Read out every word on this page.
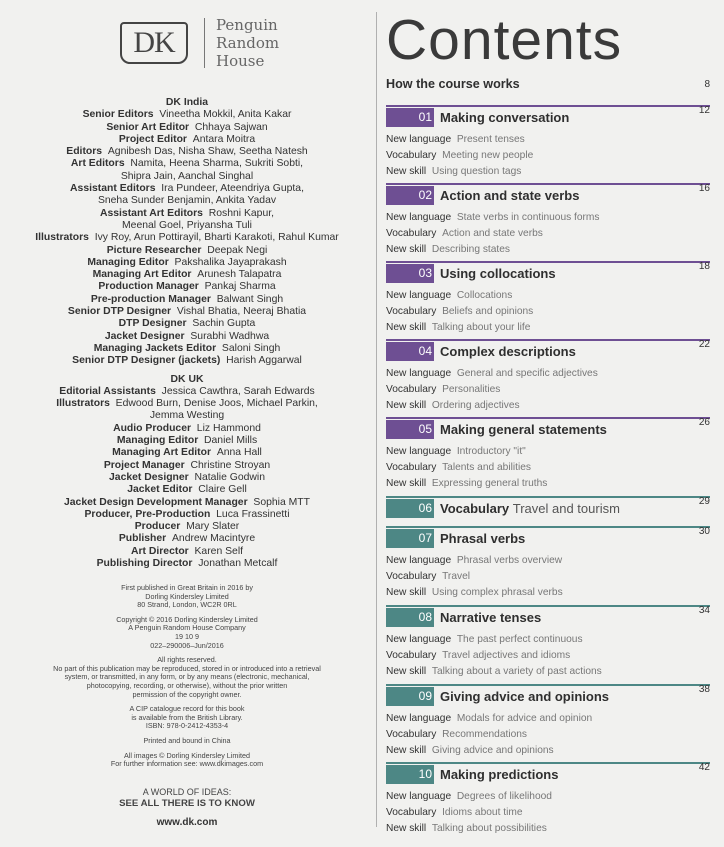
DK
Penguin
Random
House
DK India
Senior Editors Vineetha Mokkil, Anita Kakar
Senior Art Editor Chhaya Sajwan
Project Editor Antara Moitra
Editors Agnibesh Das, Nisha Shaw, Seetha Natesh
Art Editors Namita, Heena Sharma, Sukriti Sobti,
Shipra Jain, Aanchal Singhal
Assistant Editors Ira Pundeer, Ateendriya Gupta,
Sneha Sunder Benjamin, Ankita Yadav
Assistant Art Editors Roshni Kapur,
Meenal Goel, Priyansha Tuli
Illustrators Ivy Roy, Arun Pottirayil, Bharti Karakoti, Rahul Kumar
Picture Researcher Deepak Negi
Managing Editor Pakshalika Jayaprakash
Managing Art Editor Arunesh Talapatra
Production Manager Pankaj Sharma
Pre-production Manager Balwant Singh
Senior DTP Designer Vishal Bhatia, Neeraj Bhatia
DTP Designer Sachin Gupta
Jacket Designer Surabhi Wadhwa
Managing Jackets Editor Saloni Singh
Senior DTP Designer (jackets) Harish Aggarwal
DK UK
Editorial Assistants Jessica Cawthra, Sarah Edwards
Illustrators Edwood Burn, Denise Joos, Michael Parkin,
Jemma Westing
Audio Producer Liz Hammond
Managing Editor Daniel Mills
Managing Art Editor Anna Hall
Project Manager Christine Stroyan
Jacket Designer Natalie Godwin
Jacket Editor Claire Gell
Jacket Design Development Manager Sophia MTT
Producer, Pre-Production Luca Frassinetti
Producer Mary Slater
Publisher Andrew Macintyre
Art Director Karen Self
Publishing Director Jonathan Metcalf
First published in Great Britain in 2016 by
Dorling Kindersley Limited
80 Strand, London, WC2R 0RL
Copyright © 2016 Dorling Kindersley Limited
A Penguin Random House Company
19 10 9
022–290006–Jun/2016
All rights reserved.
No part of this publication may be reproduced, stored in or introduced into a retrieval
system, or transmitted, in any form, or by any means (electronic, mechanical,
photocopying, recording, or otherwise), without the prior written
permission of the copyright owner.
A CIP catalogue record for this book
is available from the British Library.
ISBN: 978-0-2412-4353-4
Printed and bound in China
All images © Dorling Kindersley Limited
For further information see: www.dkimages.com
A WORLD OF IDEAS:
SEE ALL THERE IS TO KNOW
www.dk.com
Contents
How the course works	8
01 Making conversation	12
New language Present tenses
Vocabulary Meeting new people
New skill Using question tags
02 Action and state verbs	16
New language State verbs in continuous forms
Vocabulary Action and state verbs
New skill Describing states
03 Using collocations	18
New language Collocations
Vocabulary Beliefs and opinions
New skill Talking about your life
04 Complex descriptions	22
New language General and specific adjectives
Vocabulary Personalities
New skill Ordering adjectives
05 Making general statements	26
New language Introductory "it"
Vocabulary Talents and abilities
New skill Expressing general truths
06 Vocabulary Travel and tourism	29
07 Phrasal verbs	30
New language Phrasal verbs overview
Vocabulary Travel
New skill Using complex phrasal verbs
08 Narrative tenses	34
New language The past perfect continuous
Vocabulary Travel adjectives and idioms
New skill Talking about a variety of past actions
09 Giving advice and opinions	38
New language Modals for advice and opinion
Vocabulary Recommendations
New skill Giving advice and opinions
10 Making predictions	42
New language Degrees of likelihood
Vocabulary Idioms about time
New skill Talking about possibilities
